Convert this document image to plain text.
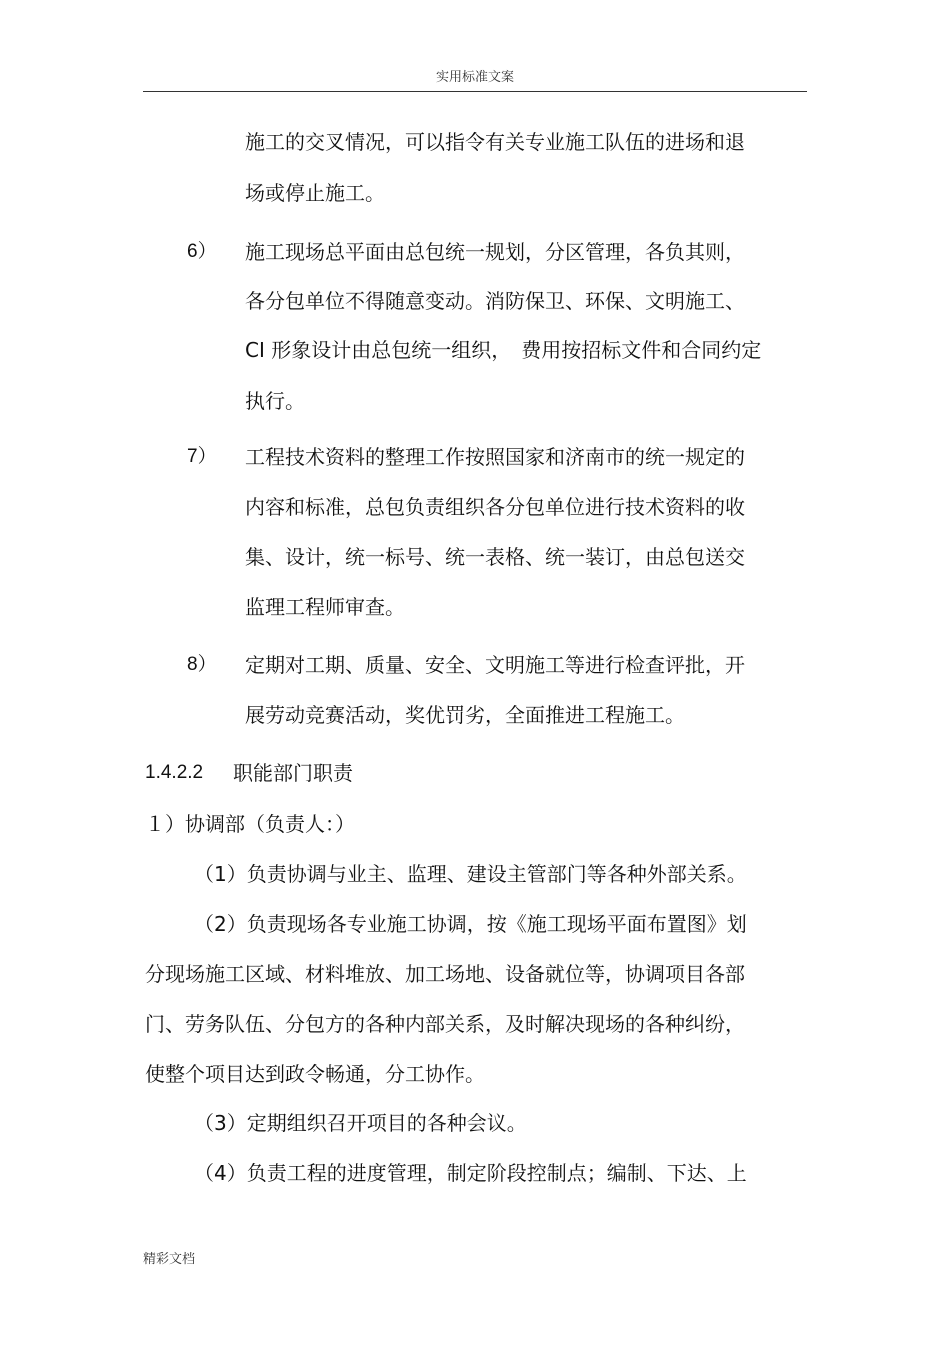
实用标准文案
施工的交叉情况，可以指令有关专业施工队伍的进场和退
场或停止施工。
6） 施工现场总平面由总包统一规划，分区管理，各负其则，
各分包单位不得随意变动。消防保卫、环保、文明施工、
CI 形象设计由总包统一组织，　费用按招标文件和合同约定
执行。
7） 工程技术资料的整理工作按照国家和济南市的统一规定的
内容和标准，总包负责组织各分包单位进行技术资料的收
集、设计，统一标号、统一表格、统一装订，由总包送交
监理工程师审查。
8） 定期对工期、质量、安全、文明施工等进行检查评批，开
展劳动竞赛活动，奖优罚劣，全面推进工程施工。
1.4.2.2 职能部门职责
１）协调部（负责人：）
（1）负责协调与业主、监理、建设主管部门等各种外部关系。
（2）负责现场各专业施工协调，按《施工现场平面布置图》划
分现场施工区域、材料堆放、加工场地、设备就位等，协调项目各部
门、劳务队伍、分包方的各种内部关系，及时解决现场的各种纠纷，
使整个项目达到政令畅通，分工协作。
（3）定期组织召开项目的各种会议。
（4）负责工程的进度管理，制定阶段控制点；编制、下达、上
精彩文档
